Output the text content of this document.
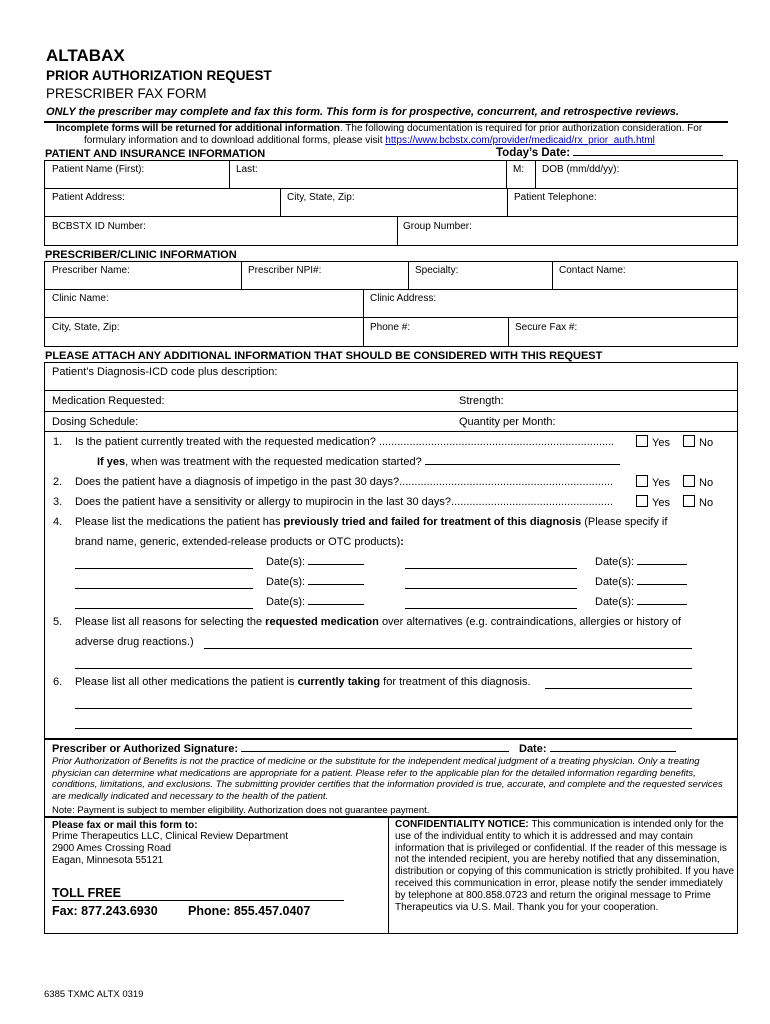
ALTABAX
PRIOR AUTHORIZATION REQUEST
PRESCRIBER FAX FORM
ONLY the prescriber may complete and fax this form. This form is for prospective, concurrent, and retrospective reviews.
Incomplete forms will be returned for additional information. The following documentation is required for prior authorization consideration. For
formulary information and to download additional forms, please visit https://www.bcbstx.com/provider/medicaid/rx_prior_auth.html
PATIENT AND INSURANCE INFORMATION	Today’s Date:
Patient Name (First):	Last:	M: DOB (mm/dd/yy):
Patient Address:	City, State, Zip:	Patient Telephone:
BCBSTX ID Number:	Group Number:
PRESCRIBER/CLINIC INFORMATION
Prescriber Name:	Prescriber NPI#:	Specialty:	Contact Name:
Clinic Name:	Clinic Address:
City, State, Zip:	Phone #:	Secure Fax #:
PLEASE ATTACH ANY ADDITIONAL INFORMATION THAT SHOULD BE CONSIDERED WITH THIS REQUEST
Patient’s Diagnosis-ICD code plus description:
Medication Requested:	Strength:
Dosing Schedule:	Quantity per Month:
1. Is the patient currently treated with the requested medication? .............................................................................	Yes	No
If yes, when was treatment with the requested medication started?
2. Does the patient have a diagnosis of impetigo in the past 30 days?......................................................................	Yes	No
3. Does the patient have a sensitivity or allergy to mupirocin in the last 30 days?.....................................................	Yes	No
4. Please list the medications the patient has previously tried and failed for treatment of this diagnosis (Please specify if
brand name, generic, extended-release products or OTC products):
Date(s):	Date(s):
Date(s):	Date(s):
Date(s):	Date(s):
5. Please list all reasons for selecting the requested medication over alternatives (e.g. contraindications, allergies or history of
adverse drug reactions.)
6. Please list all other medications the patient is currently taking for treatment of this diagnosis.
Prescriber or Authorized Signature:	Date:
Prior Authorization of Benefits is not the practice of medicine or the substitute for the independent medical judgment of a treating physician. Only a treating physician can determine what medications are appropriate for a patient. Please refer to the applicable plan for the detailed information regarding benefits, conditions, limitations, and exclusions. The submitting provider certifies that the information provided is true, accurate, and complete and the requested services are medically indicated and necessary to the health of the patient.
Note: Payment is subject to member eligibility. Authorization does not guarantee payment.
Please fax or mail this form to:
Prime Therapeutics LLC, Clinical Review Department
2900 Ames Crossing Road
Eagan, Minnesota 55121
TOLL FREE
Fax: 877.243.6930 Phone: 855.457.0407
CONFIDENTIALITY NOTICE: This communication is intended only for the use of the individual entity to which it is addressed and may contain information that is privileged or confidential. If the reader of this message is not the intended recipient, you are hereby notified that any dissemination, distribution or copying of this communication is strictly prohibited. If you have received this communication in error, please notify the sender immediately by telephone at 800.858.0723 and return the original message to Prime Therapeutics via U.S. Mail. Thank you for your cooperation.
6385 TXMC ALTX 0319
